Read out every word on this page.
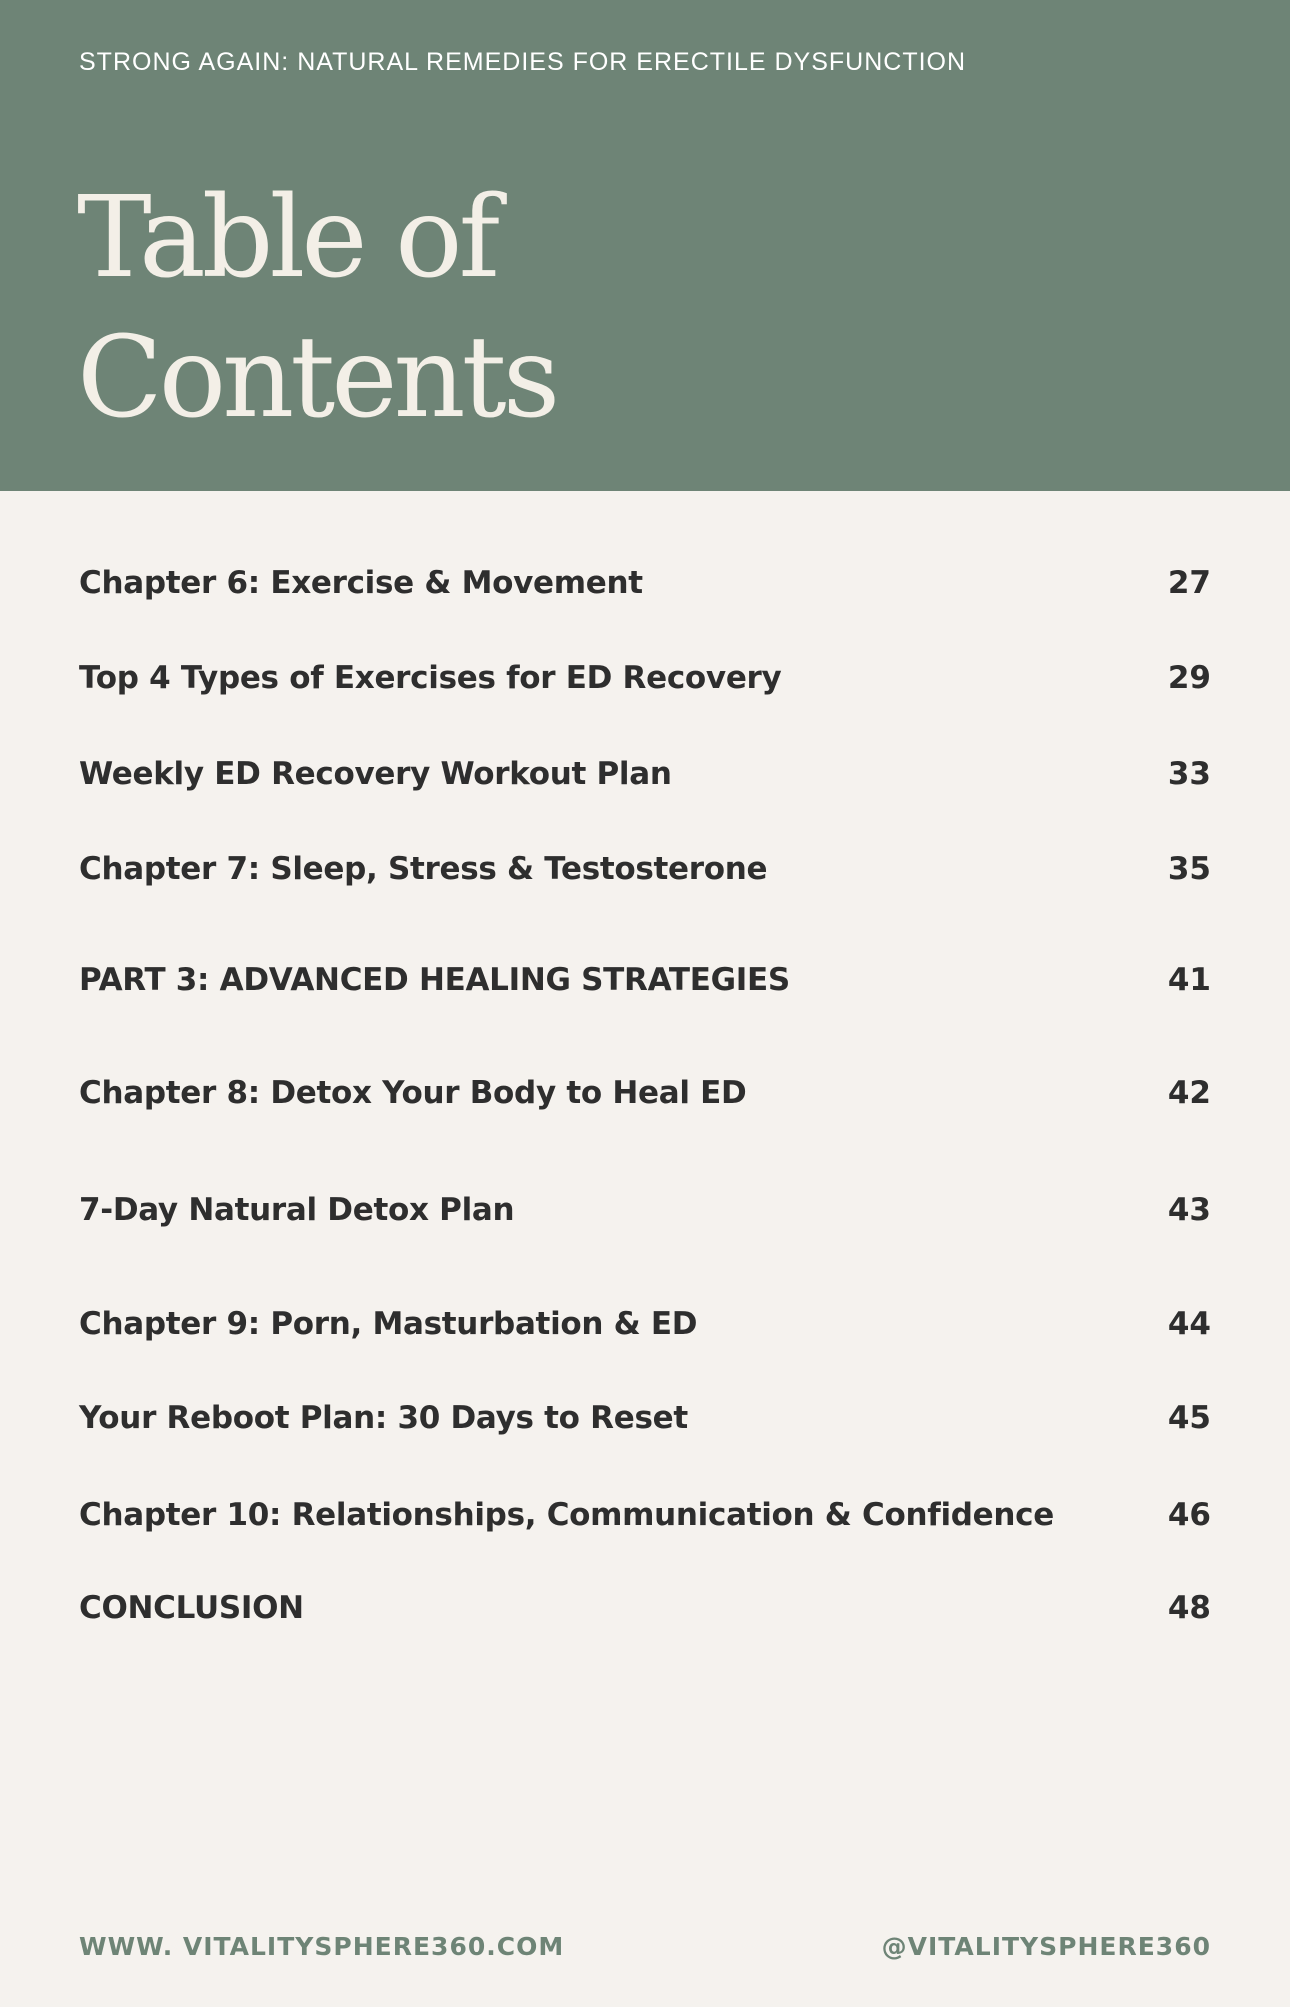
STRONG AGAIN: NATURAL REMEDIES FOR ERECTILE DYSFUNCTION
Table of
Contents
Chapter 6: Exercise & Movement	27
Top 4 Types of Exercises for ED Recovery	29
Weekly ED Recovery Workout Plan	33
Chapter 7: Sleep, Stress & Testosterone	35
PART 3: ADVANCED HEALING STRATEGIES	41
Chapter 8: Detox Your Body to Heal ED	42
7-Day Natural Detox Plan	43
Chapter 9: Porn, Masturbation & ED	44
Your Reboot Plan: 30 Days to Reset	45
Chapter 10: Relationships, Communication & Confidence	46
CONCLUSION	48
WWW. VITALITYSPHERE360.COM	@VITALITYSPHERE360
